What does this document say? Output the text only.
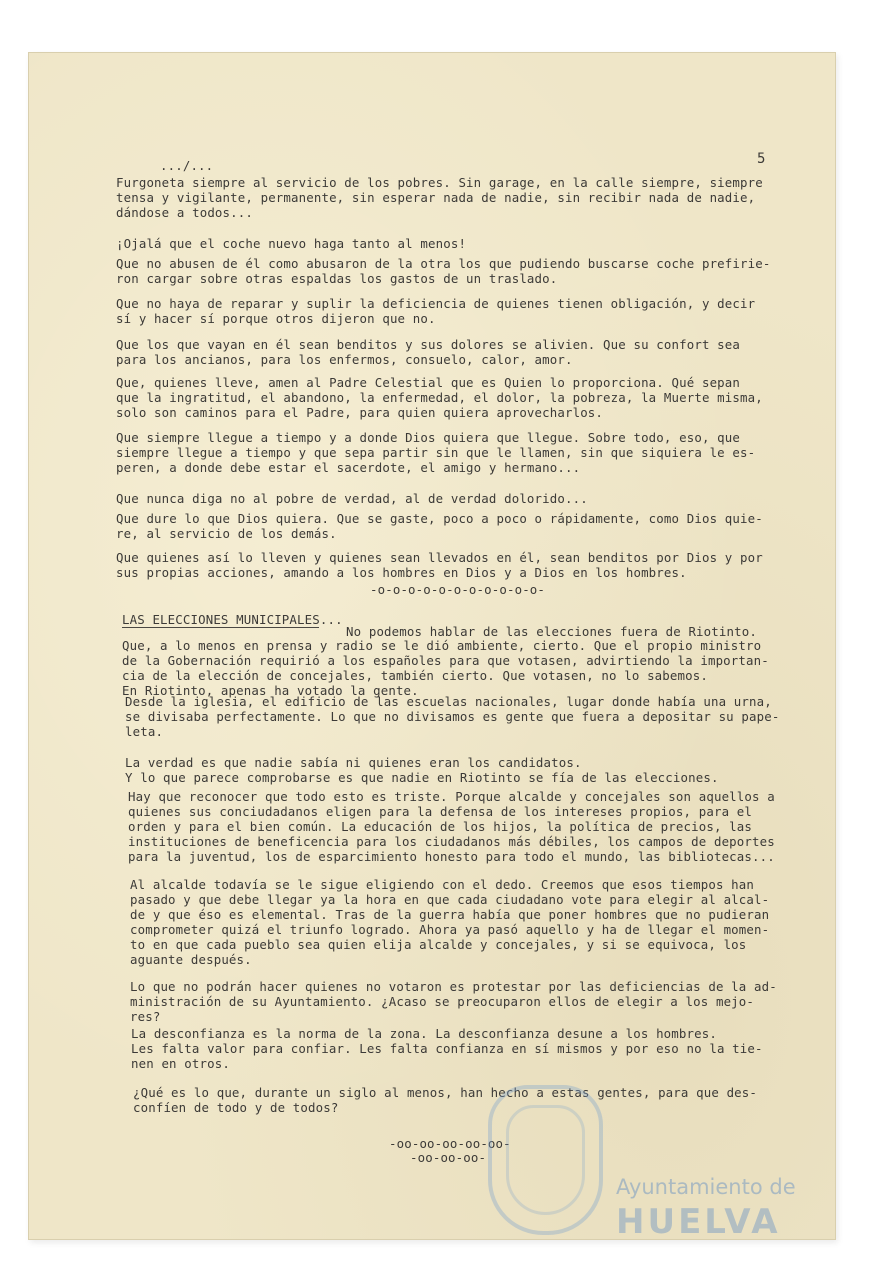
.../...	5
Furgoneta siempre al servicio de los pobres. Sin garage, en la calle siempre, siempre
tensa y vigilante, permanente, sin esperar nada de nadie, sin recibir nada de nadie,
dándose a todos...
¡Ojalá que el coche nuevo haga tanto al menos!
Que no abusen de él como abusaron de la otra los que pudiendo buscarse coche prefirie-
ron cargar sobre otras espaldas los gastos de un traslado.
Que no haya de reparar y suplir la deficiencia de quienes tienen obligación, y decir
sí y hacer sí porque otros dijeron que no.
Que los que vayan en él sean benditos y sus dolores se alivien. Que su confort sea
para los ancianos, para los enfermos, consuelo, calor, amor.
Que, quienes lleve, amen al Padre Celestial que es Quien lo proporciona. Qué sepan
que la ingratitud, el abandono, la enfermedad, el dolor, la pobreza, la Muerte misma,
solo son caminos para el Padre, para quien quiera aprovecharlos.
Que siempre llegue a tiempo y a donde Dios quiera que llegue. Sobre todo, eso, que
siempre llegue a tiempo y que sepa partir sin que le llamen, sin que siquiera le es-
peren, a donde debe estar el sacerdote, el amigo y hermano...
Que nunca diga no al pobre de verdad, al de verdad dolorido...
Que dure lo que Dios quiera. Que se gaste, poco a poco o rápidamente, como Dios quie-
re, al servicio de los demás.
Que quienes así lo lleven y quienes sean llevados en él, sean benditos por Dios y por
sus propias acciones, amando a los hombres en Dios y a Dios en los hombres.
-o-o-o-o-o-o-o-o-o-o-o-
LAS ELECCIONES MUNICIPALES...
No podemos hablar de las elecciones fuera de Riotinto.
Que, a lo menos en prensa y radio se le dió ambiente, cierto. Que el propio ministro
de la Gobernación requirió a los españoles para que votasen, advirtiendo la importan-
cia de la elección de concejales, también cierto. Que votasen, no lo sabemos.
En Riotinto, apenas ha votado la gente.
Desde la iglesia, el edificio de las escuelas nacionales, lugar donde había una urna,
se divisaba perfectamente. Lo que no divisamos es gente que fuera a depositar su pape-
leta.
La verdad es que nadie sabía ni quienes eran los candidatos.
Y lo que parece comprobarse es que nadie en Riotinto se fía de las elecciones.
Hay que reconocer que todo esto es triste. Porque alcalde y concejales son aquellos a
quienes sus conciudadanos eligen para la defensa de los intereses propios, para el
orden y para el bien común. La educación de los hijos, la política de precios, las
instituciones de beneficencia para los ciudadanos más débiles, los campos de deportes
para la juventud, los de esparcimiento honesto para todo el mundo, las bibliotecas...
Al alcalde todavía se le sigue eligiendo con el dedo. Creemos que esos tiempos han
pasado y que debe llegar ya la hora en que cada ciudadano vote para elegir al alcal-
de y que éso es elemental. Tras de la guerra había que poner hombres que no pudieran
comprometer quizá el triunfo logrado. Ahora ya pasó aquello y ha de llegar el momen-
to en que cada pueblo sea quien elija alcalde y concejales, y si se equivoca, los
aguante después.
Lo que no podrán hacer quienes no votaron es protestar por las deficiencias de la ad-
ministración de su Ayuntamiento. ¿Acaso se preocuparon ellos de elegir a los mejo-
res?
La desconfianza es la norma de la zona. La desconfianza desune a los hombres.
Les falta valor para confiar. Les falta confianza en sí mismos y por eso no la tie-
nen en otros.
¿Qué es lo que, durante un siglo al menos, han hecho a estas gentes, para que des-
confíen de todo y de todos?
-oo-oo-oo-oo-oo-
-oo-oo-oo-
Ayuntamiento de
HUELVA
